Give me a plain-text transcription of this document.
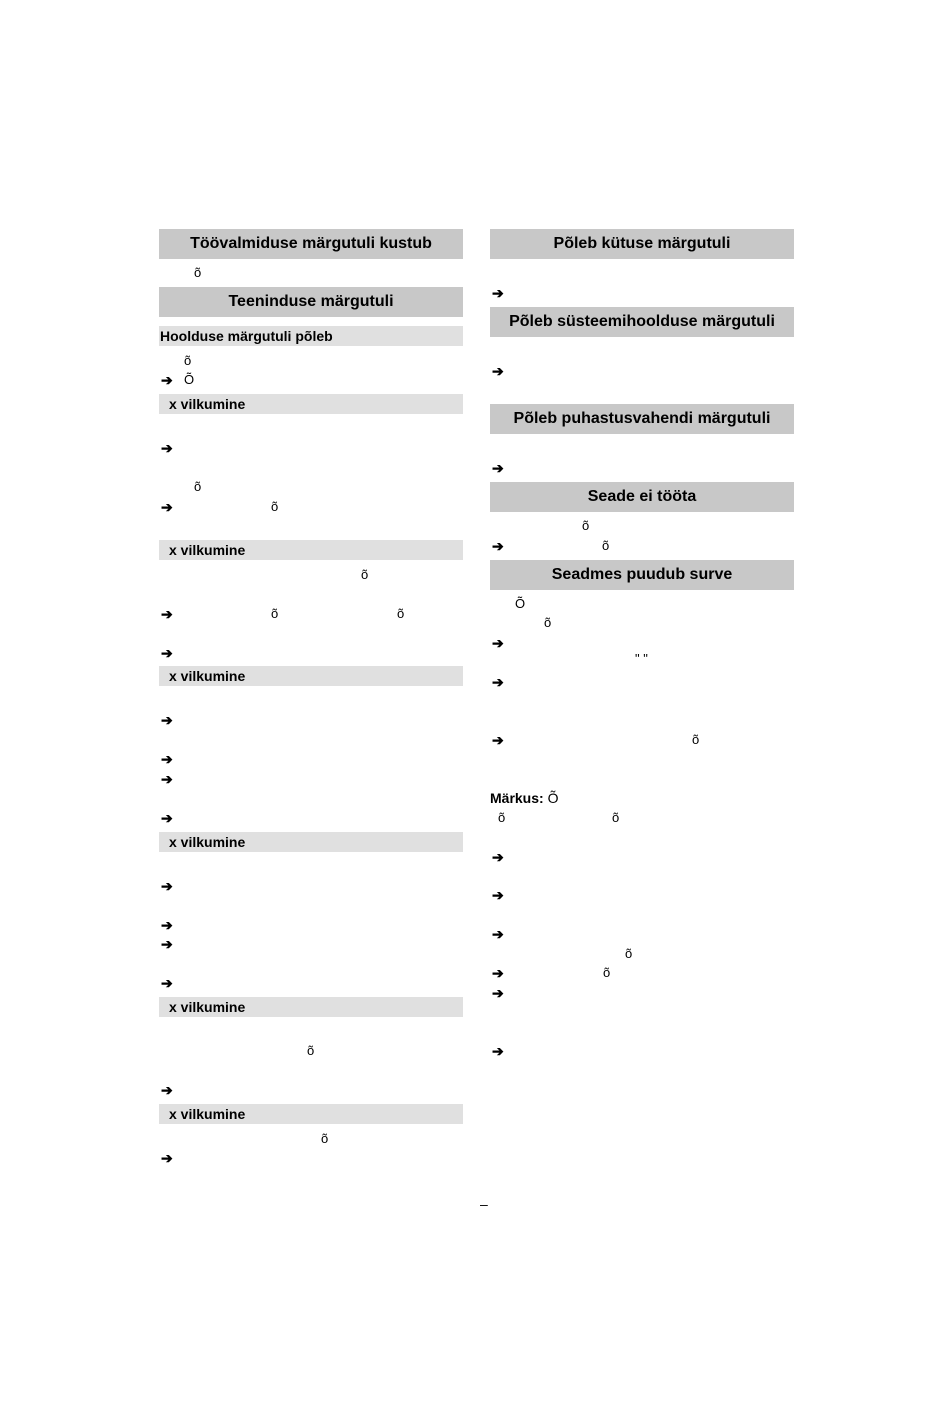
Töövalmiduse märgutuli kustub
õ
Teeninduse märgutuli
Hoolduse märgutuli põleb
õ
➔ Õ
x vilkumine
➔
õ
➔	õ
x vilkumine
õ
➔	õ	õ
➔
x vilkumine
➔
➔
➔
➔
x vilkumine
➔
➔
➔
➔
x vilkumine
õ
➔
x vilkumine
õ
➔
Põleb kütuse märgutuli
➔
Põleb süsteemihoolduse märgutuli
➔
Põleb puhastusvahendi märgutuli
➔
Seade ei tööta
õ
➔	õ
Seadmes puudub surve
Õ
õ
➔
" "
➔
➔	õ
Märkus: Õ
õ	õ
➔
➔
➔
õ
➔	õ
➔
➔
–
